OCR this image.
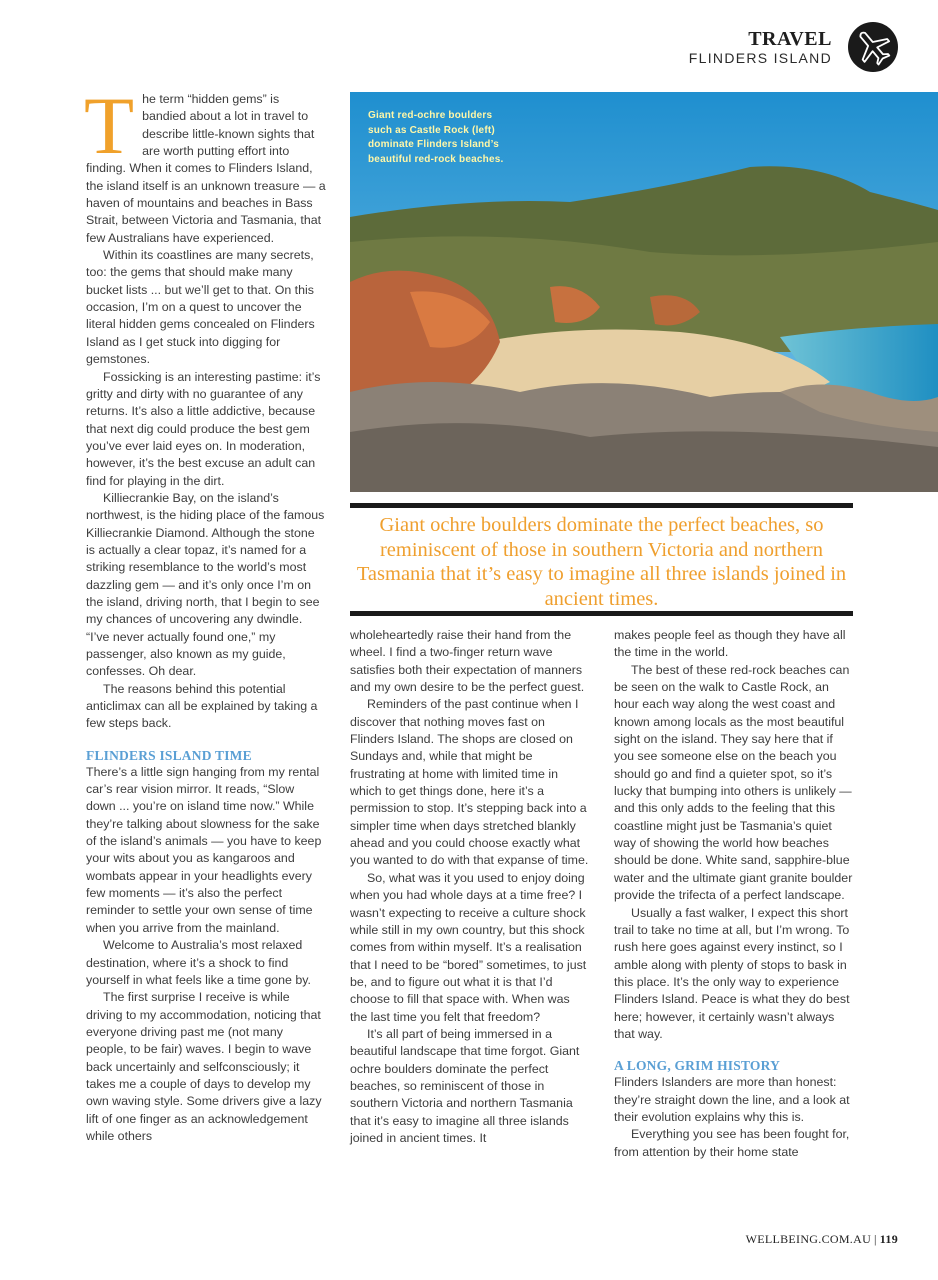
TRAVEL
FLINDERS ISLAND

The term “hidden gems” is bandied about a lot in travel to describe little-known sights that are worth putting effort into finding. When it comes to Flinders Island, the island itself is an unknown treasure — a haven of mountains and beaches in Bass Strait, between Victoria and Tasmania, that few Australians have experienced.

Within its coastlines are many secrets, too: the gems that should make many bucket lists ... but we’ll get to that. On this occasion, I’m on a quest to uncover the literal hidden gems concealed on Flinders Island as I get stuck into digging for gemstones.

Fossicking is an interesting pastime: it’s gritty and dirty with no guarantee of any returns. It’s also a little addictive, because that next dig could produce the best gem you’ve ever laid eyes on. In moderation, however, it’s the best excuse an adult can find for playing in the dirt.

Killiecrankie Bay, on the island’s northwest, is the hiding place of the famous Killiecrankie Diamond. Although the stone is actually a clear topaz, it’s named for a striking resemblance to the world’s most dazzling gem — and it’s only once I’m on the island, driving north, that I begin to see my chances of uncovering any dwindle. “I’ve never actually found one,” my passenger, also known as my guide, confesses. Oh dear.

The reasons behind this potential anticlimax can all be explained by taking a few steps back.

FLINDERS ISLAND TIME

There’s a little sign hanging from my rental car’s rear vision mirror. It reads, “Slow down ... you’re on island time now.” While they’re talking about slowness for the sake of the island’s animals — you have to keep your wits about you as kangaroos and wombats appear in your headlights every few moments — it’s also the perfect reminder to settle your own sense of time when you arrive from the mainland.

Welcome to Australia’s most relaxed destination, where it’s a shock to find yourself in what feels like a time gone by.

The first surprise I receive is while driving to my accommodation, noticing that everyone driving past me (not many people, to be fair) waves. I begin to wave back uncertainly and selfconsciously; it takes me a couple of days to develop my own waving style. Some drivers give a lazy lift of one finger as an acknowledgement while others

Giant red-ochre boulders such as Castle Rock (left) dominate Flinders Island’s beautiful red-rock beaches.
Giant ochre boulders dominate the perfect beaches, so reminiscent of those in southern Victoria and northern Tasmania that it’s easy to imagine all three islands joined in ancient times.

wholeheartedly raise their hand from the wheel. I find a two-finger return wave satisfies both their expectation of manners and my own desire to be the perfect guest.

Reminders of the past continue when I discover that nothing moves fast on Flinders Island. The shops are closed on Sundays and, while that might be frustrating at home with limited time in which to get things done, here it’s a permission to stop. It’s stepping back into a simpler time when days stretched blankly ahead and you could choose exactly what you wanted to do with that expanse of time.

So, what was it you used to enjoy doing when you had whole days at a time free? I wasn’t expecting to receive a culture shock while still in my own country, but this shock comes from within myself. It’s a realisation that I need to be “bored” sometimes, to just be, and to figure out what it is that I’d choose to fill that space with. When was the last time you felt that freedom?

It’s all part of being immersed in a beautiful landscape that time forgot. Giant ochre boulders dominate the perfect beaches, so reminiscent of those in southern Victoria and northern Tasmania that it’s easy to imagine all three islands joined in ancient times. It

makes people feel as though they have all the time in the world.

The best of these red-rock beaches can be seen on the walk to Castle Rock, an hour each way along the west coast and known among locals as the most beautiful sight on the island. They say here that if you see someone else on the beach you should go and find a quieter spot, so it’s lucky that bumping into others is unlikely — and this only adds to the feeling that this coastline might just be Tasmania’s quiet way of showing the world how beaches should be done. White sand, sapphire-blue water and the ultimate giant granite boulder provide the trifecta of a perfect landscape.

Usually a fast walker, I expect this short trail to take no time at all, but I’m wrong. To rush here goes against every instinct, so I amble along with plenty of stops to bask in this place. It’s the only way to experience Flinders Island. Peace is what they do best here; however, it certainly wasn’t always that way.

A LONG, GRIM HISTORY

Flinders Islanders are more than honest: they’re straight down the line, and a look at their evolution explains why this is.

Everything you see has been fought for, from attention by their home state

WELLBEING.COM.AU | 119
